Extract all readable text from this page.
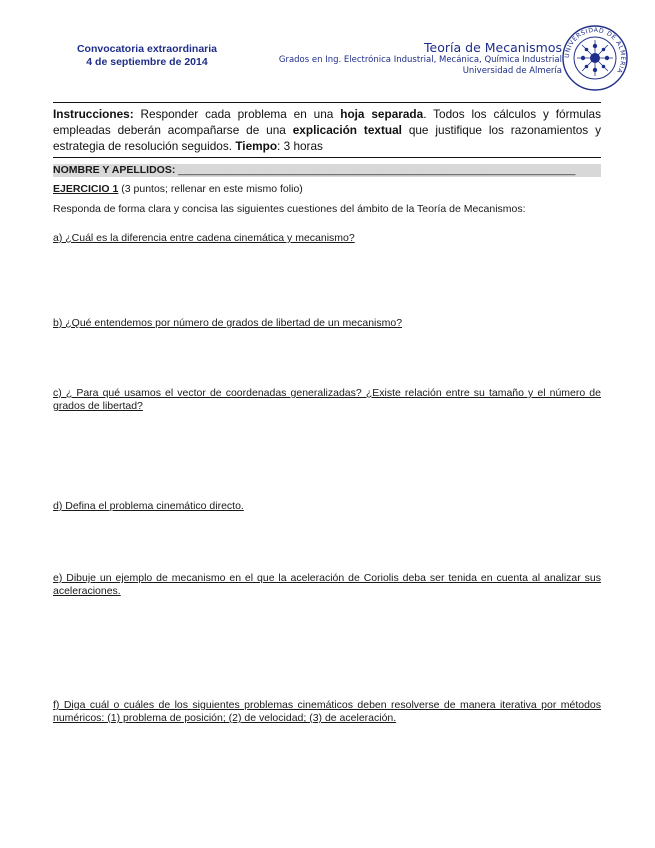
Convocatoria extraordinaria
4 de septiembre de 2014
Teoría de Mecanismos
Grados en Ing. Electrónica Industrial, Mecánica, Química Industrial
Universidad de Almería
UNIVERSIDAD DE ALMERIA
Instrucciones: Responder cada problema en una hoja separada. Todos los cálculos y fórmulas empleadas deberán acompañarse de una explicación textual que justifique los razonamientos y estrategia de resolución seguidos. Tiempo: 3 horas
NOMBRE Y APELLIDOS: ____________________________________________________________________
EJERCICIO 1 (3 puntos; rellenar en este mismo folio)
Responda de forma clara y concisa las siguientes cuestiones del ámbito de la Teoría de Mecanismos:
a) ¿Cuál es la diferencia entre cadena cinemática y mecanismo?
b) ¿Qué entendemos por número de grados de libertad de un mecanismo?
c) ¿ Para qué usamos el vector de coordenadas generalizadas? ¿Existe relación entre su tamaño y el número de grados de libertad?
d) Defina el problema cinemático directo.
e) Dibuje un ejemplo de mecanismo en el que la aceleración de Coriolis deba ser tenida en cuenta al analizar sus aceleraciones.
f) Diga cuál o cuáles de los siguientes problemas cinemáticos deben resolverse de manera iterativa por métodos numéricos: (1) problema de posición; (2) de velocidad; (3) de aceleración.
